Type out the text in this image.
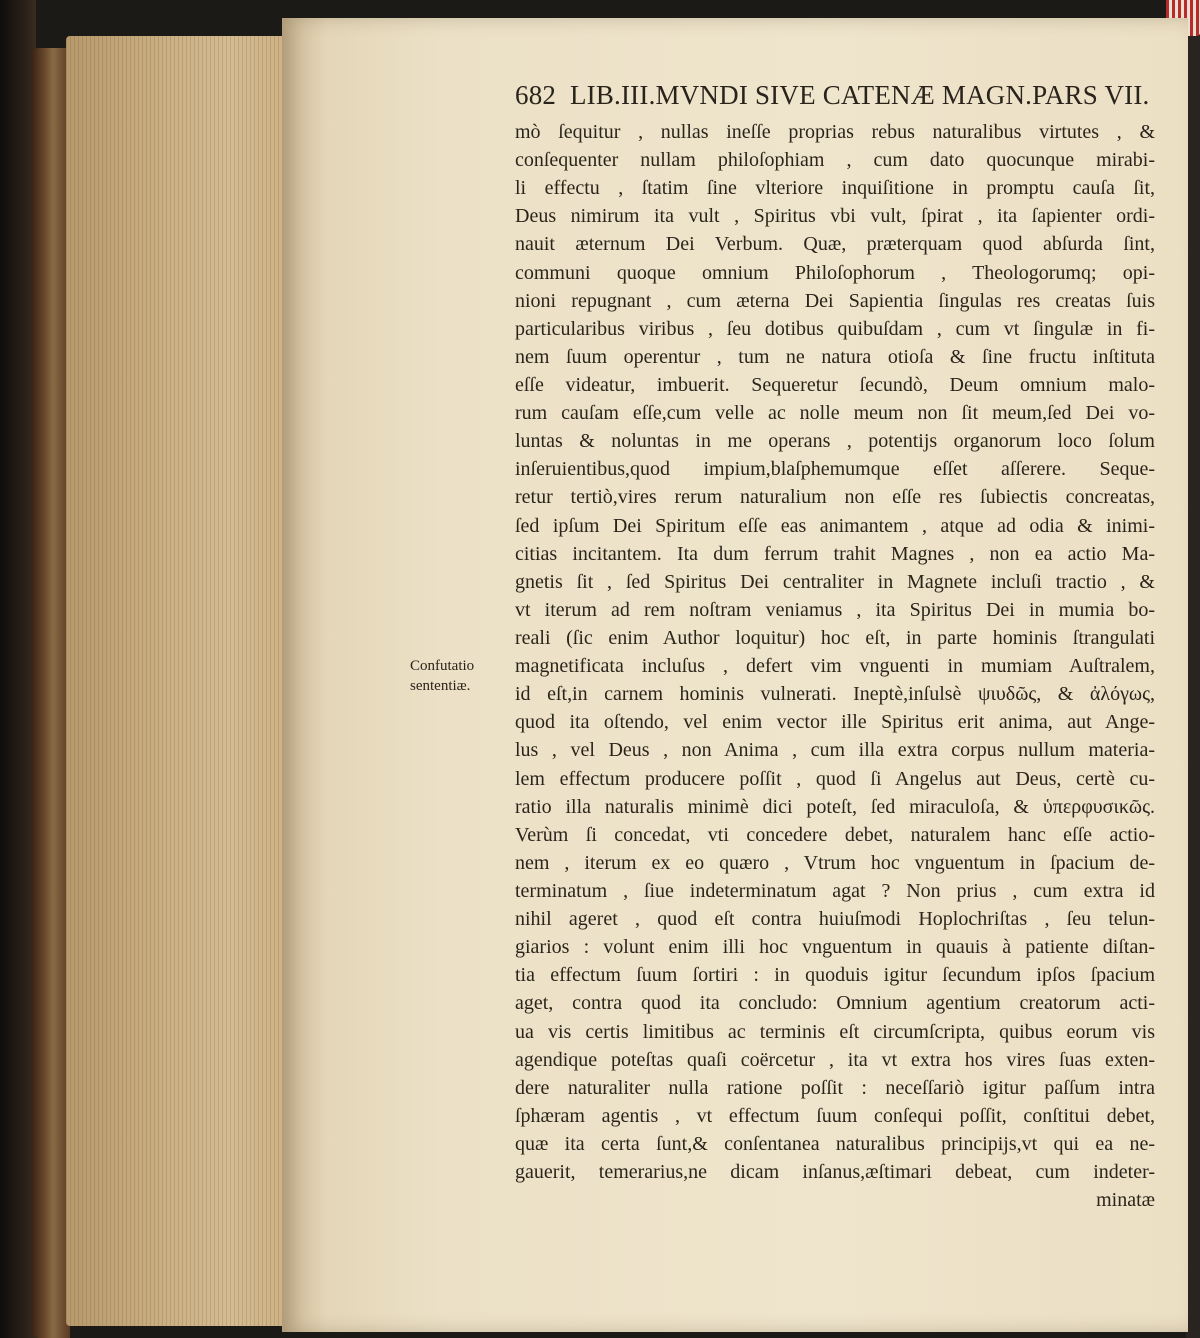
682 LIB.III.MVNDI SIVE CATENÆ MAGN.PARS VII.
Confutatio
sententiæ.
mò ſequitur , nullas ineſſe proprias rebus naturalibus virtutes , &
conſequenter nullam philoſophiam , cum dato quocunque mirabi-
li effectu , ſtatim ſine vlteriore inquiſitione in promptu cauſa ſit,
Deus nimirum ita vult , Spiritus vbi vult, ſpirat , ita ſapienter ordi-
nauit æternum Dei Verbum. Quæ, præterquam quod abſurda ſint,
communi quoque omnium Philoſophorum , Theologorumq; opi-
nioni repugnant , cum æterna Dei Sapientia ſingulas res creatas ſuis
particularibus viribus , ſeu dotibus quibuſdam , cum vt ſingulæ in fi-
nem ſuum operentur , tum ne natura otioſa & ſine fructu inſtituta
eſſe videatur, imbuerit. Sequeretur ſecundò, Deum omnium malo-
rum cauſam eſſe,cum velle ac nolle meum non ſit meum,ſed Dei vo-
luntas & noluntas in me operans , potentijs organorum loco ſolum
inſeruientibus,quod impium,blaſphemumque eſſet aſſerere. Seque-
retur tertiò,vires rerum naturalium non eſſe res ſubiectis concreatas,
ſed ipſum Dei Spiritum eſſe eas animantem , atque ad odia & inimi-
citias incitantem. Ita dum ferrum trahit Magnes , non ea actio Ma-
gnetis ſit , ſed Spiritus Dei centraliter in Magnete incluſi tractio , &
vt iterum ad rem noſtram veniamus , ita Spiritus Dei in mumia bo-
reali (ſic enim Author loquitur) hoc eſt, in parte hominis ſtrangulati
magnetificata incluſus , defert vim vnguenti in mumiam Auſtralem,
id eſt,in carnem hominis vulnerati. Ineptè,inſulsè ψιυδῶς, & ἀλόγως,
quod ita oſtendo, vel enim vector ille Spiritus erit anima, aut Ange-
lus , vel Deus , non Anima , cum illa extra corpus nullum materia-
lem effectum producere poſſit , quod ſi Angelus aut Deus, certè cu-
ratio illa naturalis minimè dici poteſt, ſed miraculoſa, & ὑπερφυσικῶς.
Verùm ſi concedat, vti concedere debet, naturalem hanc eſſe actio-
nem , iterum ex eo quæro , Vtrum hoc vnguentum in ſpacium de-
terminatum , ſiue indeterminatum agat ? Non prius , cum extra id
nihil ageret , quod eſt contra huiuſmodi Hoplochriſtas , ſeu telun-
giarios : volunt enim illi hoc vnguentum in quauis à patiente diſtan-
tia effectum ſuum ſortiri : in quoduis igitur ſecundum ipſos ſpacium
aget, contra quod ita concludo: Omnium agentium creatorum acti-
ua vis certis limitibus ac terminis eſt circumſcripta, quibus eorum vis
agendique poteſtas quaſi coërcetur , ita vt extra hos vires ſuas exten-
dere naturaliter nulla ratione poſſit : neceſſariò igitur paſſum intra
ſphæram agentis , vt effectum ſuum conſequi poſſit, conſtitui debet,
quæ ita certa ſunt,& conſentanea naturalibus principijs,vt qui ea ne-
gauerit, temerarius,ne dicam inſanus,æſtimari debeat, cum indeter-
minatæ
